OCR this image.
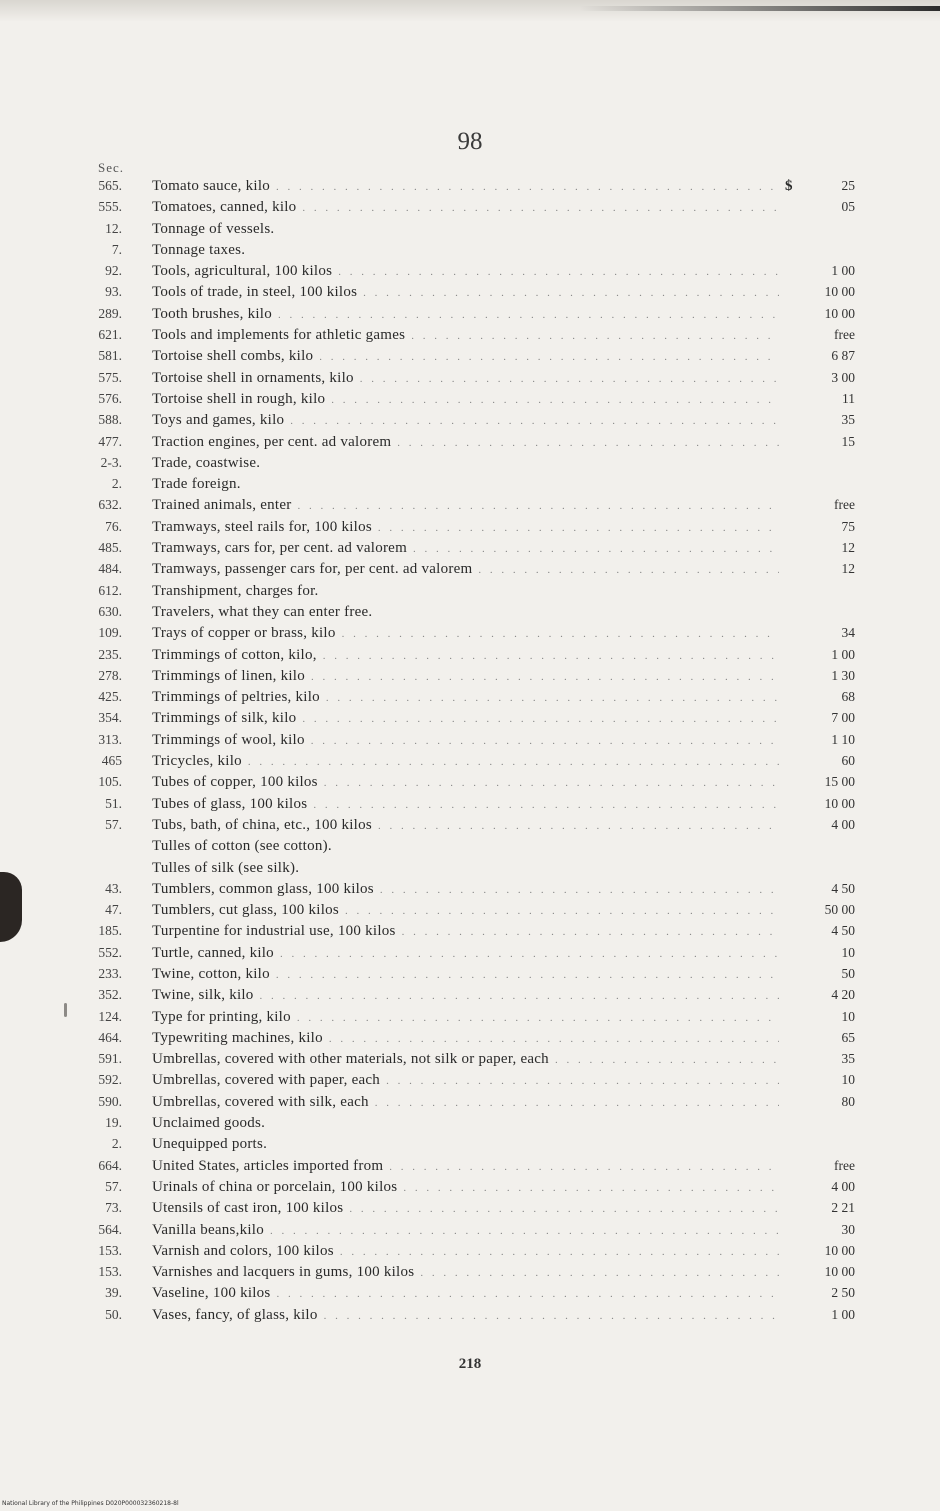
98
Sec.
565. Tomato sauce, kilo . . .	$	25
555. Tomatoes, canned, kilo . . .	05
12. Tonnage of vessels.
7. Tonnage taxes.
92. Tools, agricultural, 100 kilos . . .	1 00
93. Tools of trade, in steel, 100 kilos . . .	10 00
289. Tooth brushes, kilo . . .	10 00
621. Tools and implements for athletic games . . .	free
581. Tortoise shell combs, kilo . . .	6 87
575. Tortoise shell in ornaments, kilo . . .	3 00
576. Tortoise shell in rough, kilo . . .	11
588. Toys and games, kilo . . .	35
477. Traction engines, per cent. ad valorem . . .	15
2-3. Trade, coastwise.
2. Trade foreign.
632. Trained animals, enter . . .	free
76. Tramways, steel rails for, 100 kilos . . .	75
485. Tramways, cars for, per cent. ad valorem . . .	12
484. Tramways, passenger cars for, per cent. ad valorem . . .	12
612. Transhipment, charges for.
630. Travelers, what they can enter free.
109. Trays of copper or brass, kilo . . .	34
235. Trimmings of cotton, kilo, . . .	1 00
278. Trimmings of linen, kilo . . .	1 30
425. Trimmings of peltries, kilo . . .	68
354. Trimmings of silk, kilo . . .	7 00
313. Trimmings of wool, kilo . . .	1 10
465 Tricycles, kilo . . .	60
105. Tubes of copper, 100 kilos . . .	15 00
51. Tubes of glass, 100 kilos . . .	10 00
57. Tubs, bath, of china, etc., 100 kilos . . .	4 00
Tulles of cotton (see cotton).
Tulles of silk (see silk).
43. Tumblers, common glass, 100 kilos . . .	4 50
47. Tumblers, cut glass, 100 kilos . . .	50 00
185. Turpentine for industrial use, 100 kilos . . .	4 50
552. Turtle, canned, kilo . . .	10
233. Twine, cotton, kilo . . .	50
352. Twine, silk, kilo . . .	4 20
124. Type for printing, kilo . . .	10
464. Typewriting machines, kilo . . .	65
591. Umbrellas, covered with other materials, not silk or paper, each . . .	35
592. Umbrellas, covered with paper, each . . .	10
590. Umbrellas, covered with silk, each . . .	80
19. Unclaimed goods.
2. Unequipped ports.
664. United States, articles imported from . . .	free
57. Urinals of china or porcelain, 100 kilos . . .	4 00
73. Utensils of cast iron, 100 kilos . . .	2 21
564. Vanilla beans,kilo . . .	30
153. Varnish and colors, 100 kilos . . .	10 00
153. Varnishes and lacquers in gums, 100 kilos . . .	10 00
39. Vaseline, 100 kilos . . .	2 50
50. Vases, fancy, of glass, kilo . . .	1 00
218
National Library of the Philippines D020P000032360218-8l
